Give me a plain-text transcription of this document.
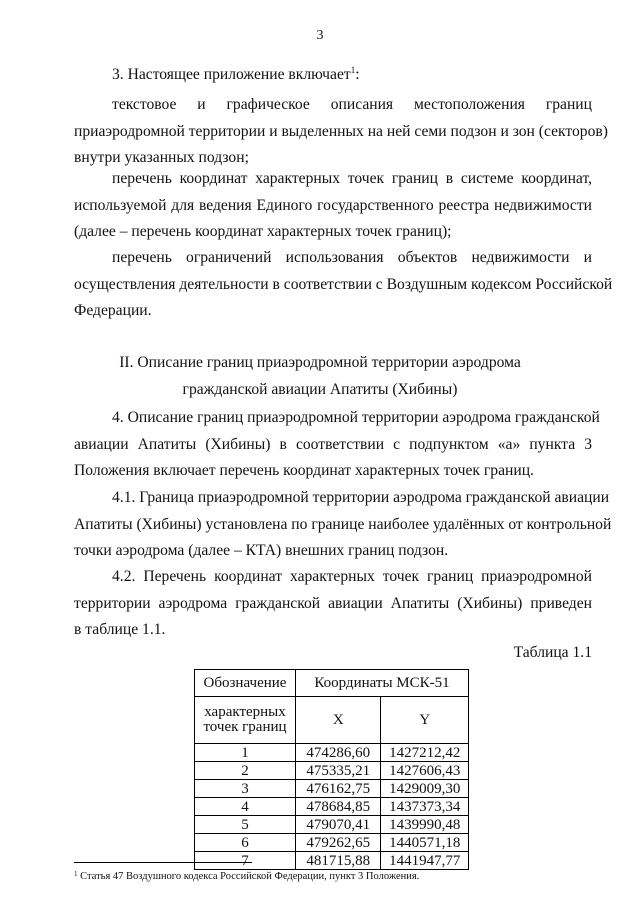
3
3. Настоящее приложение включает$^1$:
текстовое и графическое описания местоположения границ
приаэродромной территории и выделенных на ней семи подзон и зон (секторов)
внутри указанных подзон;
перечень координат характерных точек границ в системе координат,
используемой для ведения Единого государственного реестра недвижимости
(далее – перечень координат характерных точек границ);
перечень ограничений использования объектов недвижимости и
осуществления деятельности в соответствии с Воздушным кодексом Российской
Федерации.
II. Описание границ приаэродромной территории аэродрома
гражданской авиации Апатиты (Хибины)
4. Описание границ приаэродромной территории аэродрома гражданской
авиации Апатиты (Хибины) в соответствии с подпунктом «а» пункта 3
Положения включает перечень координат характерных точек границ.
4.1. Граница приаэродромной территории аэродрома гражданской авиации
Апатиты (Хибины) установлена по границе наиболее удалённых от контрольной
точки аэродрома (далее – КТА) внешних границ подзон.
4.2. Перечень координат характерных точек границ приаэродромной
территории аэродрома гражданской авиации Апатиты (Хибины) приведен
в таблице 1.1.
Таблица 1.1
Обозначение	Координаты МСК-51	

характерных
точек границ	X	Y
1	474286,60	1427212,42
2	475335,21	1427606,43
3	476162,75	1429009,30
4	478684,85	1437373,34
5	479070,41	1439990,48
6	479262,65	1440571,18
7	481715,88	1441947,77
$^1$ Статья 47 Воздушного кодекса Российской Федерации, пункт 3 Положения.
